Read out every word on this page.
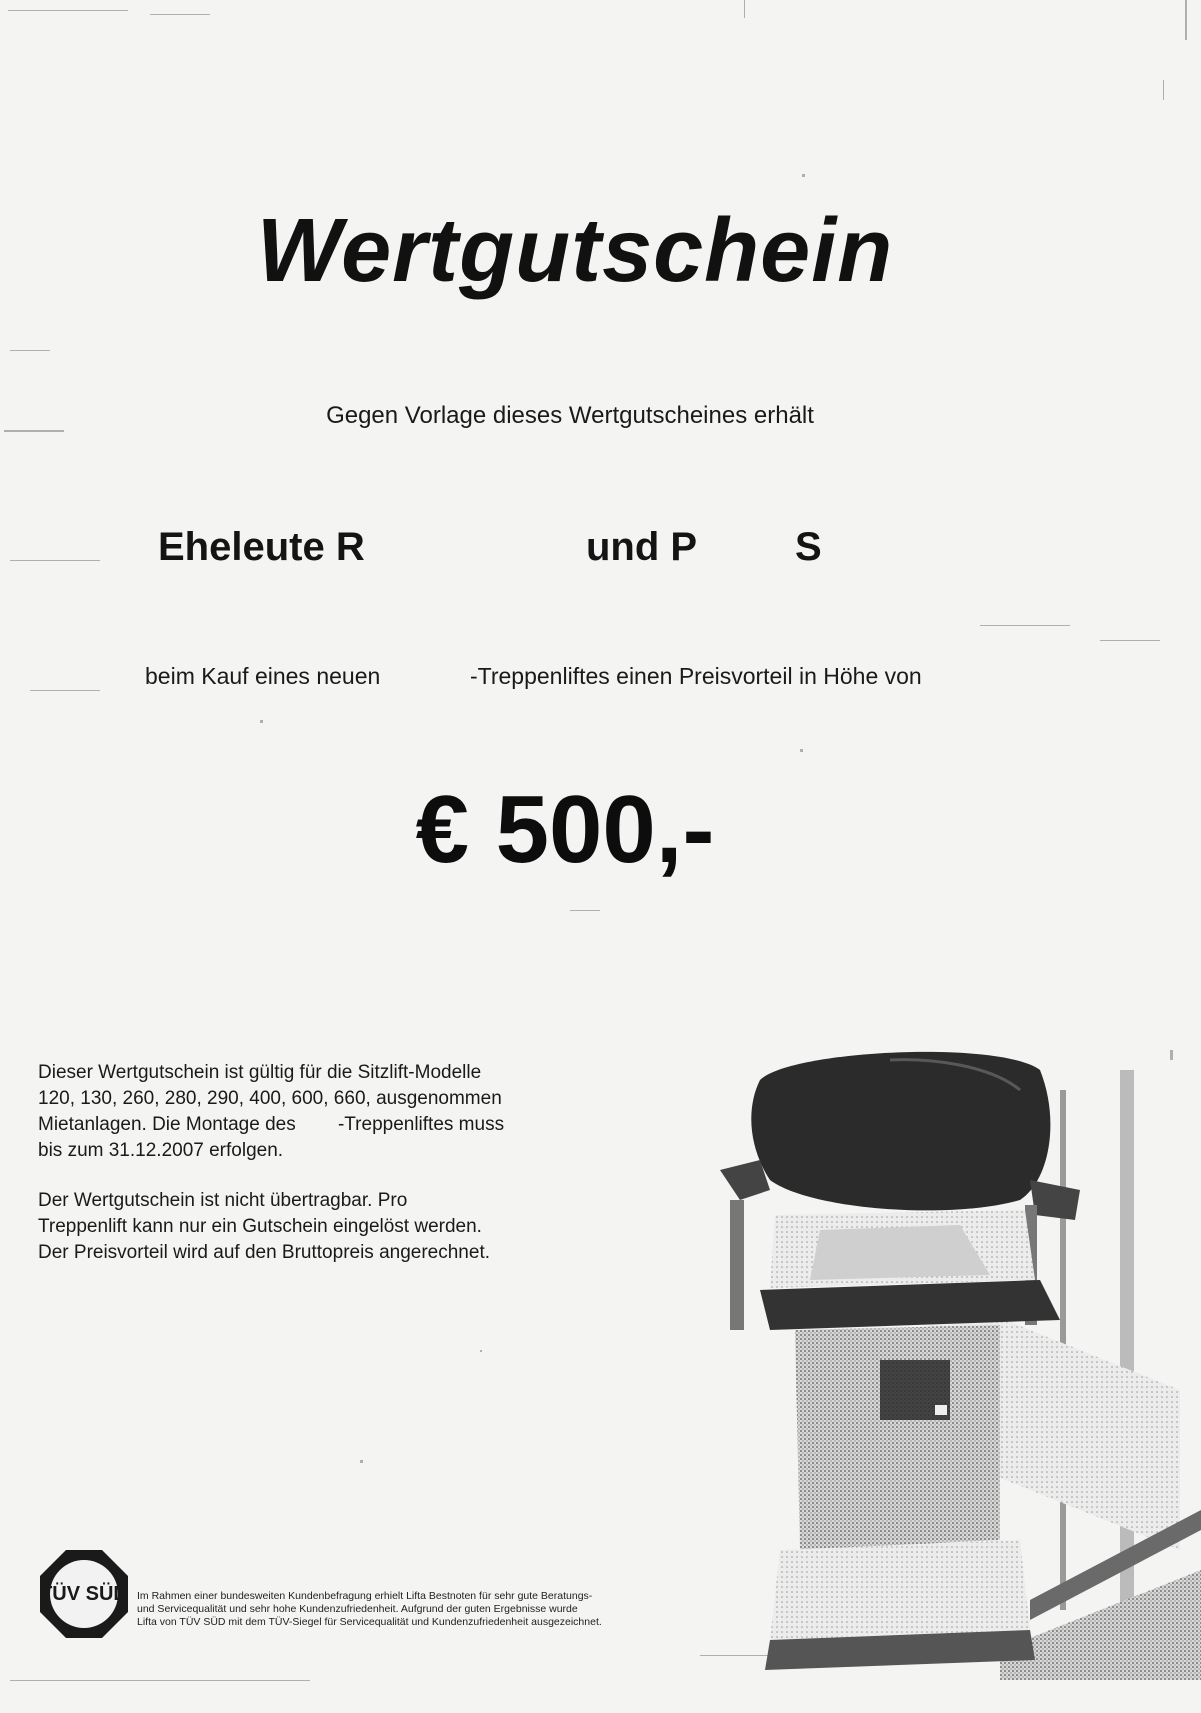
Wertgutschein
Gegen Vorlage dieses Wertgutscheines erhält
Eheleute R	und P S
beim Kauf eines neuen	-Treppenliftes einen Preisvorteil in Höhe von
€ 500,-

Dieser Wertgutschein ist gültig für die Sitzlift-Modelle

120, 130, 260, 280, 290, 400, 600, 660, ausgenommen

Mietanlagen. Die Montage des        -Treppenliftes muss

bis zum 31.12.2007 erfolgen.

Der Wertgutschein ist nicht übertragbar. Pro

Treppenlift kann nur ein Gutschein eingelöst werden.

Der Preisvorteil wird auf den Bruttopreis angerechnet.

TÜV SÜD Im Rahmen einer bundesweiten Kundenbefragung erhielt Lifta Bestnoten für sehr gute Beratungs-
und Servicequalität und sehr hohe Kundenzufriedenheit. Aufgrund der guten Ergebnisse wurde
Lifta von TÜV SÜD mit dem TÜV-Siegel für Servicequalität und Kundenzufriedenheit ausgezeichnet.
